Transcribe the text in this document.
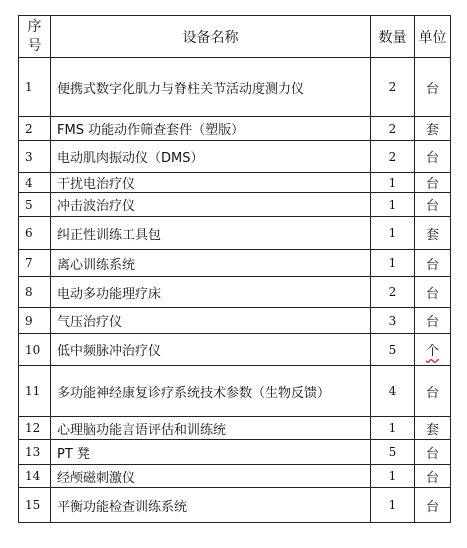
序
号	设备名称	数量	单位
1	便携式数字化肌力与脊柱关节活动度测力仪	2	台
2	FMS 功能动作筛查套件（塑版）	2	套
3	电动肌肉振动仪（DMS）	2	台
4	干扰电治疗仪	1	台
5	冲击波治疗仪	1	台
6	纠正性训练工具包	1	套
7	离心训练系统	1	台
8	电动多功能理疗床	2	台
9	气压治疗仪	3	台
10	低中频脉冲治疗仪	5	个
11	多功能神经康复诊疗系统技术参数（生物反馈）	4	台
12	心理脑功能言语评估和训练统	1	套
13	PT 凳	5	台
14	经颅磁刺激仪	1	台
15	平衡功能检查训练系统	1	台
